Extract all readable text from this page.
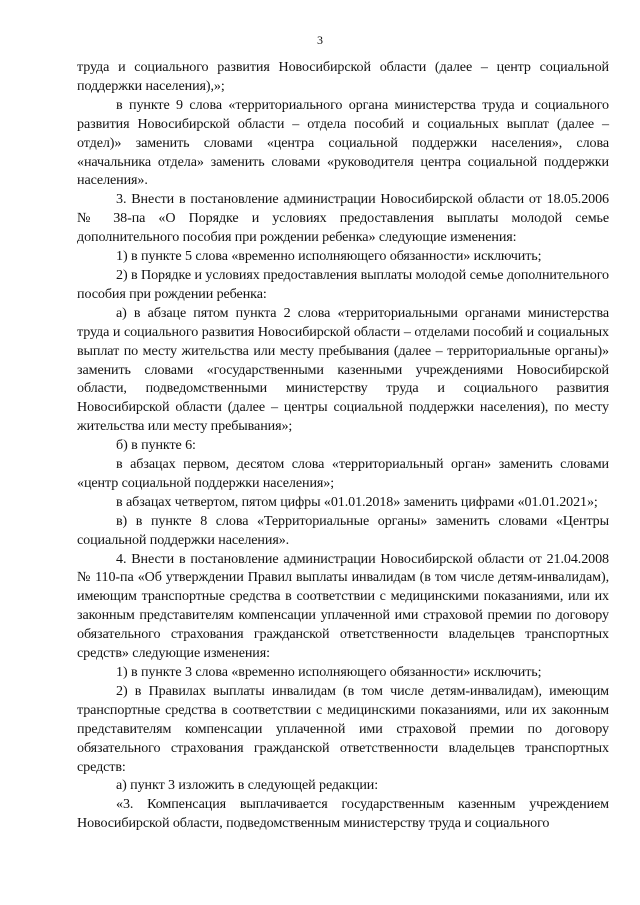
3

труда и социального развития Новосибирской области (далее – центр социальной поддержки населения),»;

в пункте 9 слова «территориального органа министерства труда и социального развития Новосибирской области – отдела пособий и социальных выплат (далее – отдел)» заменить словами «центра социальной поддержки населения», слова «начальника отдела» заменить словами «руководителя центра социальной поддержки населения».

3. Внести в постановление администрации Новосибирской области от 18.05.2006 № 38-па «О Порядке и условиях предоставления выплаты молодой семье дополнительного пособия при рождении ребенка» следующие изменения:

1) в пункте 5 слова «временно исполняющего обязанности» исключить;

2) в Порядке и условиях предоставления выплаты молодой семье дополнительного пособия при рождении ребенка:

а) в абзаце пятом пункта 2 слова «территориальными органами министерства труда и социального развития Новосибирской области – отделами пособий и социальных выплат по месту жительства или месту пребывания (далее – территориальные органы)» заменить словами «государственными казенными учреждениями Новосибирской области, подведомственными министерству труда и социального развития Новосибирской области (далее – центры социальной поддержки населения), по месту жительства или месту пребывания»;

б) в пункте 6:

в абзацах первом, десятом слова «территориальный орган» заменить словами «центр социальной поддержки населения»;

в абзацах четвертом, пятом цифры «01.01.2018» заменить цифрами «01.01.2021»;

в) в пункте 8 слова «Территориальные органы» заменить словами «Центры социальной поддержки населения».

4. Внести в постановление администрации Новосибирской области от 21.04.2008 № 110-па «Об утверждении Правил выплаты инвалидам (в том числе детям-инвалидам), имеющим транспортные средства в соответствии с медицинскими показаниями, или их законным представителям компенсации уплаченной ими страховой премии по договору обязательного страхования гражданской ответственности владельцев транспортных средств» следующие изменения:

1) в пункте 3 слова «временно исполняющего обязанности» исключить;

2) в Правилах выплаты инвалидам (в том числе детям-инвалидам), имеющим транспортные средства в соответствии с медицинскими показаниями, или их законным представителям компенсации уплаченной ими страховой премии по договору обязательного страхования гражданской ответственности владельцев транспортных средств:

а) пункт 3 изложить в следующей редакции:

«3. Компенсация выплачивается государственным казенным учреждением Новосибирской области, подведомственным министерству труда и социального
